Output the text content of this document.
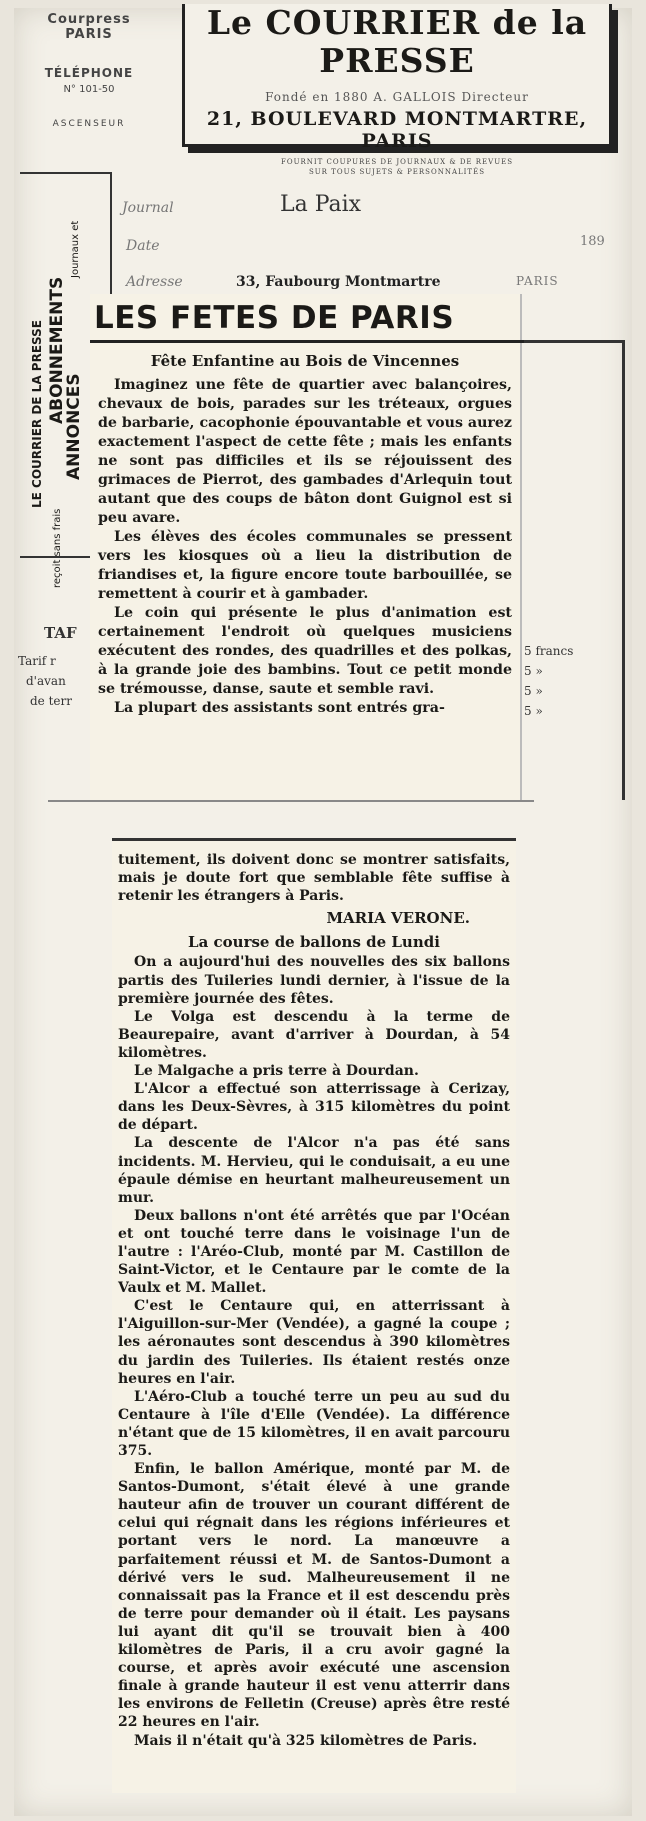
Courpress PARIS
TÉLÉPHONE
N° 101-50
ASCENSEUR
Le COURRIER de la PRESSE
Fondé en 1880 A. GALLOIS Directeur
21, BOULEVARD MONTMARTRE, PARIS
FOURNIT COUPURES DE JOURNAUX & DE REVUES
SUR TOUS SUJETS & PERSONNALITÉS
LE COURRIER DE LA PRESSE ABONNEMENTS
ANNONCES
Journaux et
reçoit sans frais
Journal	La Paix
Date	189
Adresse	33, Faubourg Montmartre	PARIS
TAF
Tarif r
d'avan
de terr
5 francs
5 »
5 »
5 »
LES FETES DE PARIS
Fête Enfantine au Bois de Vincennes

Imaginez une fête de quartier avec balançoires, chevaux de bois, parades sur les tréteaux, orgues de barbarie, cacophonie épouvantable et vous aurez exactement l'aspect de cette fête ; mais les enfants ne sont pas difficiles et ils se réjouissent des grimaces de Pierrot, des gambades d'Arlequin tout autant que des coups de bâton dont Guignol est si peu avare.

Les élèves des écoles communales se pressent vers les kiosques où a lieu la distribution de friandises et, la figure encore toute barbouillée, se remettent à courir et à gambader.

Le coin qui présente le plus d'animation est certainement l'endroit où quelques musiciens exécutent des rondes, des quadrilles et des polkas, à la grande joie des bambins. Tout ce petit monde se trémousse, danse, saute et semble ravi.

La plupart des assistants sont entrés gra-

tuitement, ils doivent donc se montrer satisfaits, mais je doute fort que semblable fête suffise à retenir les étrangers à Paris.

MARIA VERONE.
La course de ballons de Lundi

On a aujourd'hui des nouvelles des six ballons partis des Tuileries lundi dernier, à l'issue de la première journée des fêtes.

Le Volga est descendu à la terme de Beaurepaire, avant d'arriver à Dourdan, à 54 kilomètres.

Le Malgache a pris terre à Dourdan.

L'Alcor a effectué son atterrissage à Cerizay, dans les Deux-Sèvres, à 315 kilomètres du point de départ.

La descente de l'Alcor n'a pas été sans incidents. M. Hervieu, qui le conduisait, a eu une épaule démise en heurtant malheureusement un mur.

Deux ballons n'ont été arrêtés que par l'Océan et ont touché terre dans le voisinage l'un de l'autre : l'Aréo-Club, monté par M. Castillon de Saint-Victor, et le Centaure par le comte de la Vaulx et M. Mallet.

C'est le Centaure qui, en atterrissant à l'Aiguillon-sur-Mer (Vendée), a gagné la coupe ; les aéronautes sont descendus à 390 kilomètres du jardin des Tuileries. Ils étaient restés onze heures en l'air.

L'Aéro-Club a touché terre un peu au sud du Centaure à l'île d'Elle (Vendée). La différence n'étant que de 15 kilomètres, il en avait parcouru 375.

Enfin, le ballon Amérique, monté par M. de Santos-Dumont, s'était élevé à une grande hauteur afin de trouver un courant différent de celui qui régnait dans les régions inférieures et portant vers le nord. La manœuvre a parfaitement réussi et M. de Santos-Dumont a dérivé vers le sud. Malheureusement il ne connaissait pas la France et il est descendu près de terre pour demander où il était. Les paysans lui ayant dit qu'il se trouvait bien à 400 kilomètres de Paris, il a cru avoir gagné la course, et après avoir exécuté une ascension finale à grande hauteur il est venu atterrir dans les environs de Felletin (Creuse) après être resté 22 heures en l'air.

Mais il n'était qu'à 325 kilomètres de Paris.
